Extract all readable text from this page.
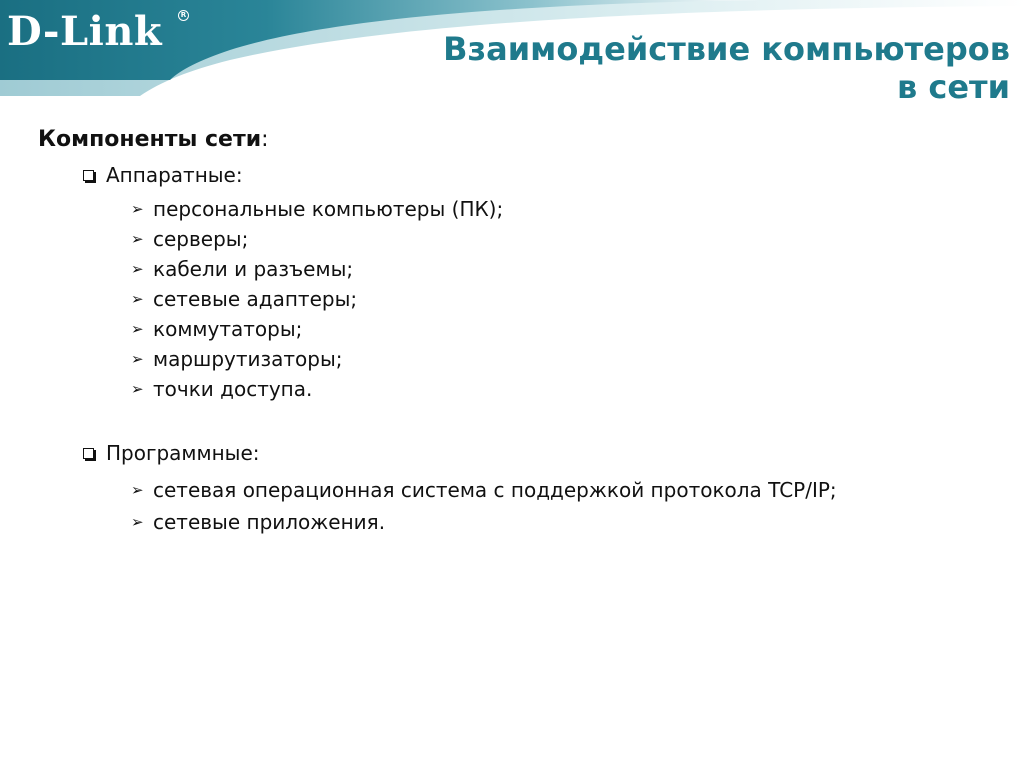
D-Link	R
Взаимодействие компьютеров
в сети
Компоненты сети:
Аппаратные:
➢ персональные компьютеры (ПК);
➢ серверы;
➢ кабели и разъемы;
➢ сетевые адаптеры;
➢ коммутаторы;
➢ маршрутизаторы;
➢ точки доступа.
Программные:
➢ сетевая операционная система с поддержкой протокола TCP/IP;
➢ сетевые приложения.
